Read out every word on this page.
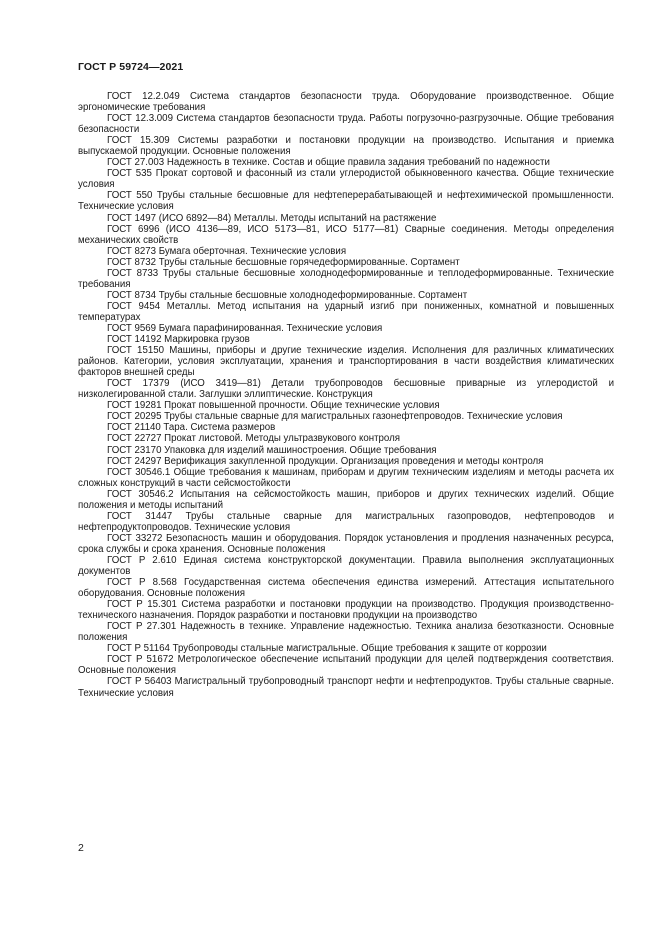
ГОСТ Р 59724—2021

ГОСТ 12.2.049 Система стандартов безопасности труда. Оборудование производственное. Общие эргономические требования

ГОСТ 12.3.009 Система стандартов безопасности труда. Работы погрузочно-разгрузочные. Общие требования безопасности

ГОСТ 15.309 Системы разработки и постановки продукции на производство. Испытания и приемка выпускаемой продукции. Основные положения

ГОСТ 27.003 Надежность в технике. Состав и общие правила задания требований по надежности

ГОСТ 535 Прокат сортовой и фасонный из стали углеродистой обыкновенного качества. Общие технические условия

ГОСТ 550 Трубы стальные бесшовные для нефтеперерабатывающей и нефтехимической промышленности. Технические условия

ГОСТ 1497 (ИСО 6892—84) Металлы. Методы испытаний на растяжение

ГОСТ 6996 (ИСО 4136—89, ИСО 5173—81, ИСО 5177—81) Сварные соединения. Методы определения механических свойств

ГОСТ 8273 Бумага оберточная. Технические условия

ГОСТ 8732 Трубы стальные бесшовные горячедеформированные. Сортамент

ГОСТ 8733 Трубы стальные бесшовные холоднодеформированные и теплодеформированные. Технические требования

ГОСТ 8734 Трубы стальные бесшовные холоднодеформированные. Сортамент

ГОСТ 9454 Металлы. Метод испытания на ударный изгиб при пониженных, комнатной и повышенных температурах

ГОСТ 9569 Бумага парафинированная. Технические условия

ГОСТ 14192 Маркировка грузов

ГОСТ 15150 Машины, приборы и другие технические изделия. Исполнения для различных климатических районов. Категории, условия эксплуатации, хранения и транспортирования в части воздействия климатических факторов внешней среды

ГОСТ 17379 (ИСО 3419—81) Детали трубопроводов бесшовные приварные из углеродистой и низколегированной стали. Заглушки эллиптические. Конструкция

ГОСТ 19281 Прокат повышенной прочности. Общие технические условия

ГОСТ 20295 Трубы стальные сварные для магистральных газонефтепроводов. Технические условия

ГОСТ 21140 Тара. Система размеров

ГОСТ 22727 Прокат листовой. Методы ультразвукового контроля

ГОСТ 23170 Упаковка для изделий машиностроения. Общие требования

ГОСТ 24297 Верификация закупленной продукции. Организация проведения и методы контроля

ГОСТ 30546.1 Общие требования к машинам, приборам и другим техническим изделиям и методы расчета их сложных конструкций в части сейсмостойкости

ГОСТ 30546.2 Испытания на сейсмостойкость машин, приборов и других технических изделий. Общие положения и методы испытаний

ГОСТ 31447 Трубы стальные сварные для магистральных газопроводов, нефтепроводов и нефтепродуктопроводов. Технические условия

ГОСТ 33272 Безопасность машин и оборудования. Порядок установления и продления назначенных ресурса, срока службы и срока хранения. Основные положения

ГОСТ Р 2.610 Единая система конструкторской документации. Правила выполнения эксплуатационных документов

ГОСТ Р 8.568 Государственная система обеспечения единства измерений. Аттестация испытательного оборудования. Основные положения

ГОСТ Р 15.301 Система разработки и постановки продукции на производство. Продукция производственно-технического назначения. Порядок разработки и постановки продукции на производство

ГОСТ Р 27.301 Надежность в технике. Управление надежностью. Техника анализа безотказности. Основные положения

ГОСТ Р 51164 Трубопроводы стальные магистральные. Общие требования к защите от коррозии

ГОСТ Р 51672 Метрологическое обеспечение испытаний продукции для целей подтверждения соответствия. Основные положения

ГОСТ Р 56403 Магистральный трубопроводный транспорт нефти и нефтепродуктов. Трубы стальные сварные. Технические условия

2
